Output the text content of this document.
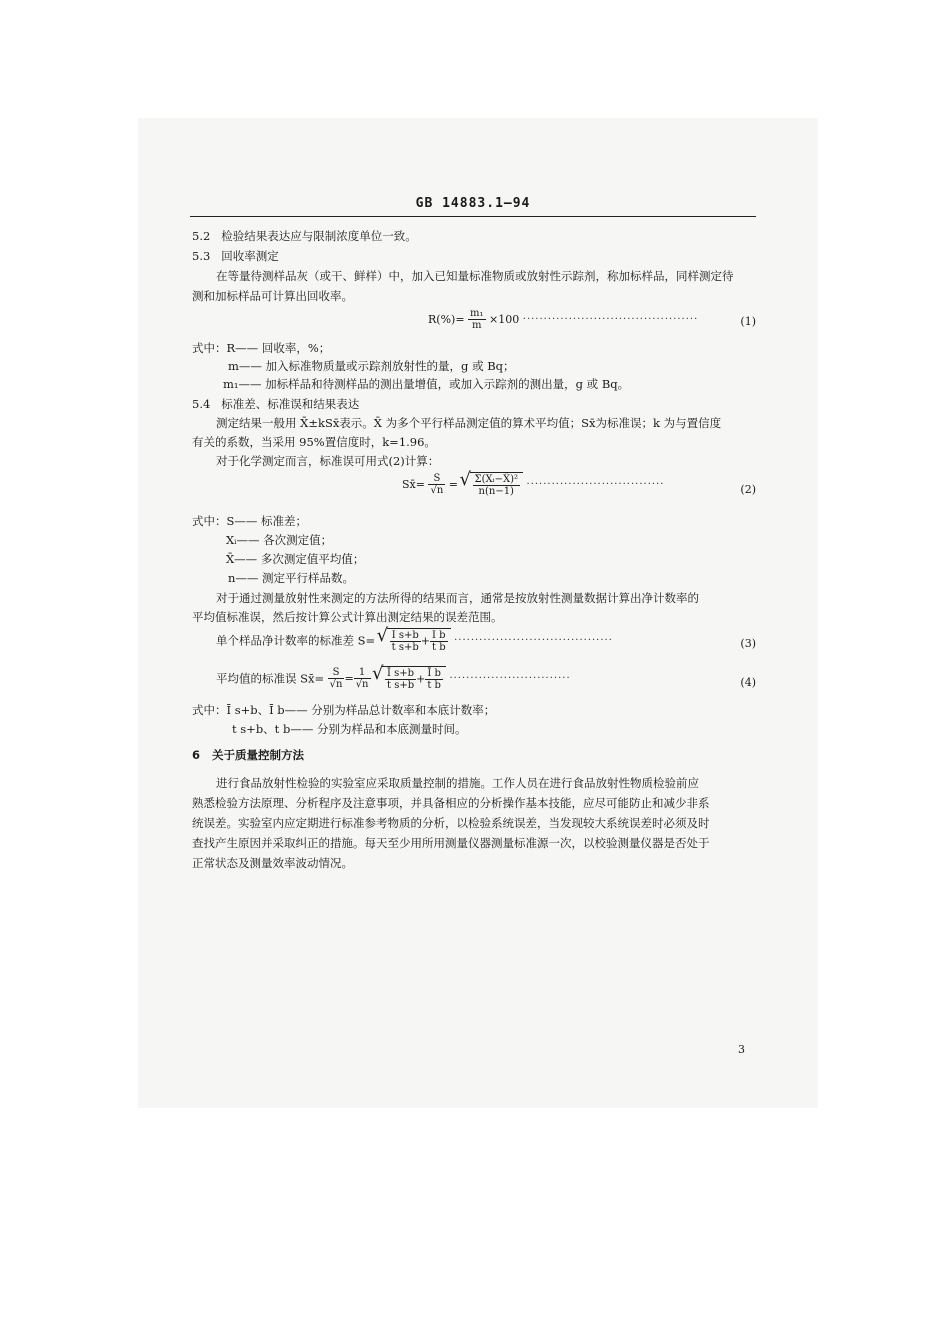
GB 14883.1—94
5.2 检验结果表达应与限制浓度单位一致。
5.3 回收率测定
在等量待测样品灰（或干、鲜样）中，加入已知量标准物质或放射性示踪剂，称加标样品，同样测定待
测和加标样品可计算出回收率。
$R(\%)= \frac{\text{m₁}}{m} \times 100$ ··········································	(1)
式中：R—— 回收率，%；
m—— 加入标准物质量或示踪剂放射性的量，g 或 Bq；
m₁—— 加标样品和待测样品的测出量增值，或加入示踪剂的测出量，g 或 Bq。
5.4 标准差、标准误和结果表达
测定结果一般用 X̄±kSx̄表示。X̄ 为多个平行样品测定值的算术平均值；Sx̄为标准误；k 为与置信度
有关的系数，当采用 95%置信度时，k=1.96。
对于化学测定而言，标准误可用式(2)计算：
Sx̄= $\frac{S}{√n}$ = √ $\frac{\text{Σ(Xᵢ−X̄)²}}{n(n-1)}$ ·································	(2)
式中：S—— 标准差；
Xᵢ—— 各次测定值；
X̄—— 多次测定值平均值；
n—— 测定平行样品数。
对于通过测量放射性来测定的方法所得的结果而言，通常是按放射性测量数据计算出净计数率的
平均值标准误，然后按计算公式计算出测定结果的误差范围。
单个样品净计数率的标准差 S= √ $\frac{\text{I s+b}}{\text{t s+b}} + \frac{\text{I b}}{\text{t b}}$ ······································	(3)
平均值的标准误 Sx̄= $\frac{S}{√n} = \frac{1}{√n}$
√ $\frac{\text{Ī s+b}}{\text{t s+b}} + \frac{\text{Ī b}}{\text{t b}}$ ·····························	(4)
式中：Ī s+b、Ī b—— 分别为样品总计数率和本底计数率；
t s+b、t b—— 分别为样品和本底测量时间。
6 关于质量控制方法
进行食品放射性检验的实验室应采取质量控制的措施。工作人员在进行食品放射性物质检验前应
熟悉检验方法原理、分析程序及注意事项，并具备相应的分析操作基本技能，应尽可能防止和减少非系
统误差。实验室内应定期进行标准参考物质的分析，以检验系统误差，当发现较大系统误差时必须及时
查找产生原因并采取纠正的措施。每天至少用所用测量仪器测量标准源一次，以校验测量仪器是否处于
正常状态及测量效率波动情况。
3
